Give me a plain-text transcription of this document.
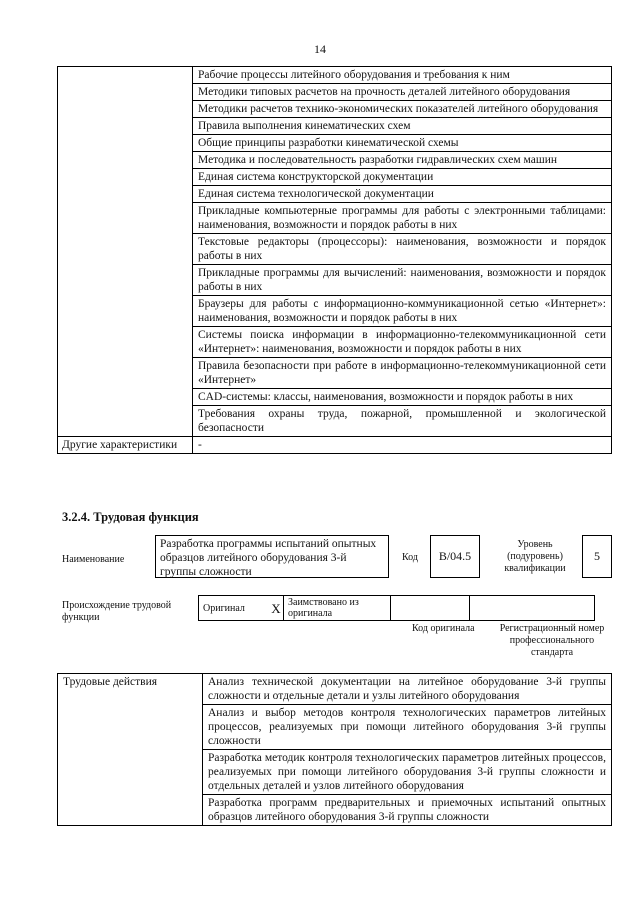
14
	Рабочие процессы литейного оборудования и требования к ним
	Методики типовых расчетов на прочность деталей литейного оборудования
	Методики расчетов технико-экономических показателей литейного оборудования
	Правила выполнения кинематических схем
	Общие принципы разработки кинематической схемы
	Методика и последовательность разработки гидравлических схем машин
	Единая система конструкторской документации
	Единая система технологической документации
	Прикладные компьютерные программы для работы с электронными таблицами: наименования, возможности и порядок работы в них
	Текстовые редакторы (процессоры): наименования, возможности и порядок работы в них
	Прикладные программы для вычислений: наименования, возможности и порядок работы в них
	Браузеры для работы с информационно-коммуникационной сетью «Интернет»: наименования, возможности и порядок работы в них
	Системы поиска информации в информационно-телекоммуникационной сети «Интернет»: наименования, возможности и порядок работы в них
	Правила безопасности при работе в информационно-телекоммуникационной сети «Интернет»
	CAD-системы: классы, наименования, возможности и порядок работы в них
	Требования охраны труда, пожарной, промышленной и экологической безопасности
Другие характеристики	-
3.2.4. Трудовая функция
Наименование
Разработка программы испытаний опытных образцов литейного оборудования 3-й группы сложности
Код	B/04.5
Уровень (подуровень) квалификации
5
Происхождение трудовой функции
Оригинал	X	Заимствовано из оригинала		
Код оригинала	Регистрационный номер профессионального стандарта
Трудовые действия	Анализ технической документации на литейное оборудование 3-й группы сложности и отдельные детали и узлы литейного оборудования
Анализ и выбор методов контроля технологических параметров литейных процессов, реализуемых при помощи литейного оборудования 3-й группы сложности
Разработка методик контроля технологических параметров литейных процессов, реализуемых при помощи литейного оборудования 3-й группы сложности и отдельных деталей и узлов литейного оборудования
Разработка программ предварительных и приемочных испытаний опытных образцов литейного оборудования 3-й группы сложности
